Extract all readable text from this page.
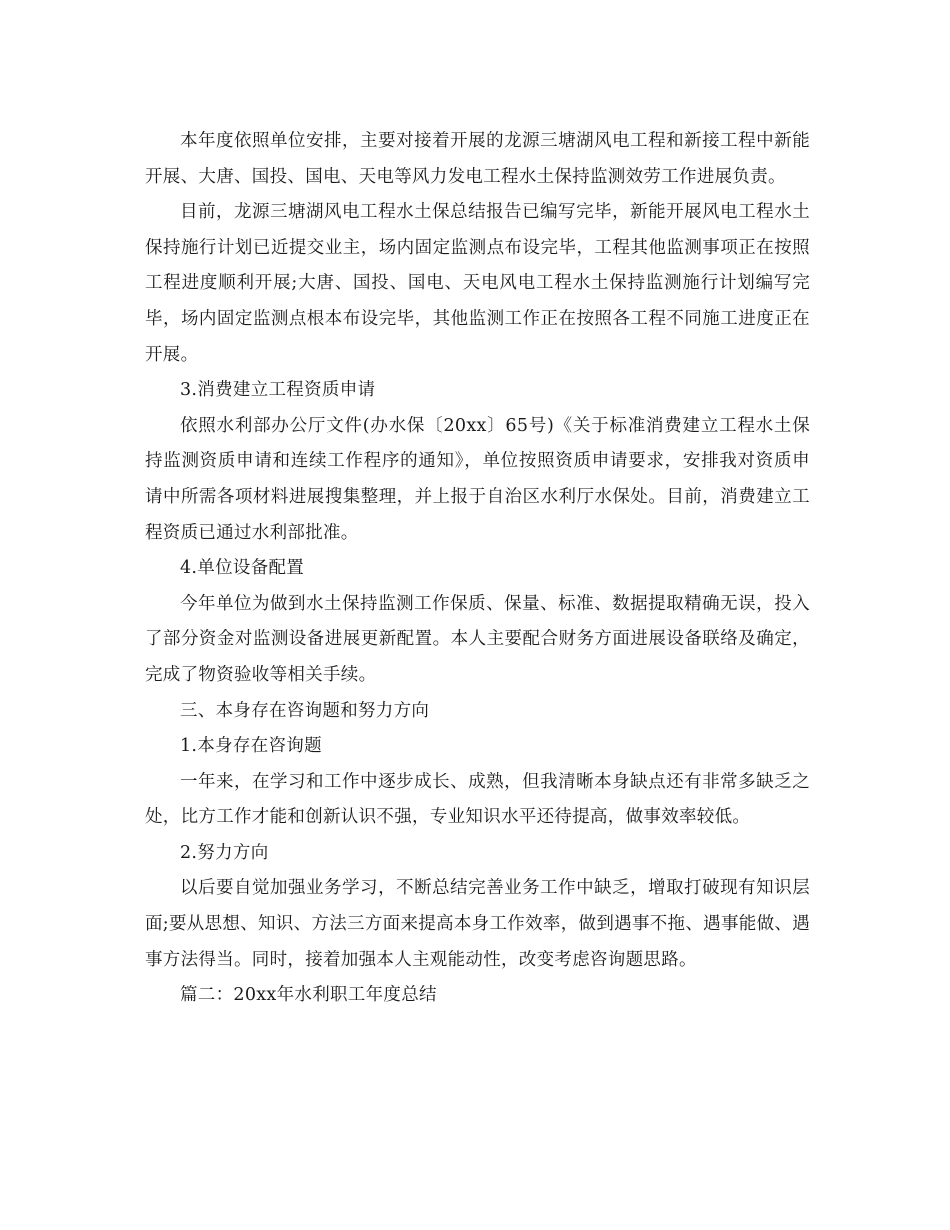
本年度依照单位安排，主要对接着开展的龙源三塘湖风电工程和新接工程中新能开展、大唐、国投、国电、天电等风力发电工程水土保持监测效劳工作进展负责。

目前，龙源三塘湖风电工程水土保总结报告已编写完毕，新能开展风电工程水土保持施行计划已近提交业主，场内固定监测点布设完毕，工程其他监测事项正在按照工程进度顺利开展;大唐、国投、国电、天电风电工程水土保持监测施行计划编写完毕，场内固定监测点根本布设完毕，其他监测工作正在按照各工程不同施工进度正在开展。

3.消费建立工程资质申请

依照水利部办公厅文件(办水保〔20xx〕65号)《关于标准消费建立工程水土保持监测资质申请和连续工作程序的通知》，单位按照资质申请要求，安排我对资质申请中所需各项材料进展搜集整理，并上报于自治区水利厅水保处。目前，消费建立工程资质已通过水利部批准。

4.单位设备配置

今年单位为做到水土保持监测工作保质、保量、标准、数据提取精确无误，投入了部分资金对监测设备进展更新配置。本人主要配合财务方面进展设备联络及确定，完成了物资验收等相关手续。

三、本身存在咨询题和努力方向

1.本身存在咨询题

一年来，在学习和工作中逐步成长、成熟，但我清晰本身缺点还有非常多缺乏之处，比方工作才能和创新认识不强，专业知识水平还待提高，做事效率较低。

2.努力方向

以后要自觉加强业务学习，不断总结完善业务工作中缺乏，增取打破现有知识层面;要从思想、知识、方法三方面来提高本身工作效率，做到遇事不拖、遇事能做、遇事方法得当。同时，接着加强本人主观能动性，改变考虑咨询题思路。

篇二：20xx年水利职工年度总结
